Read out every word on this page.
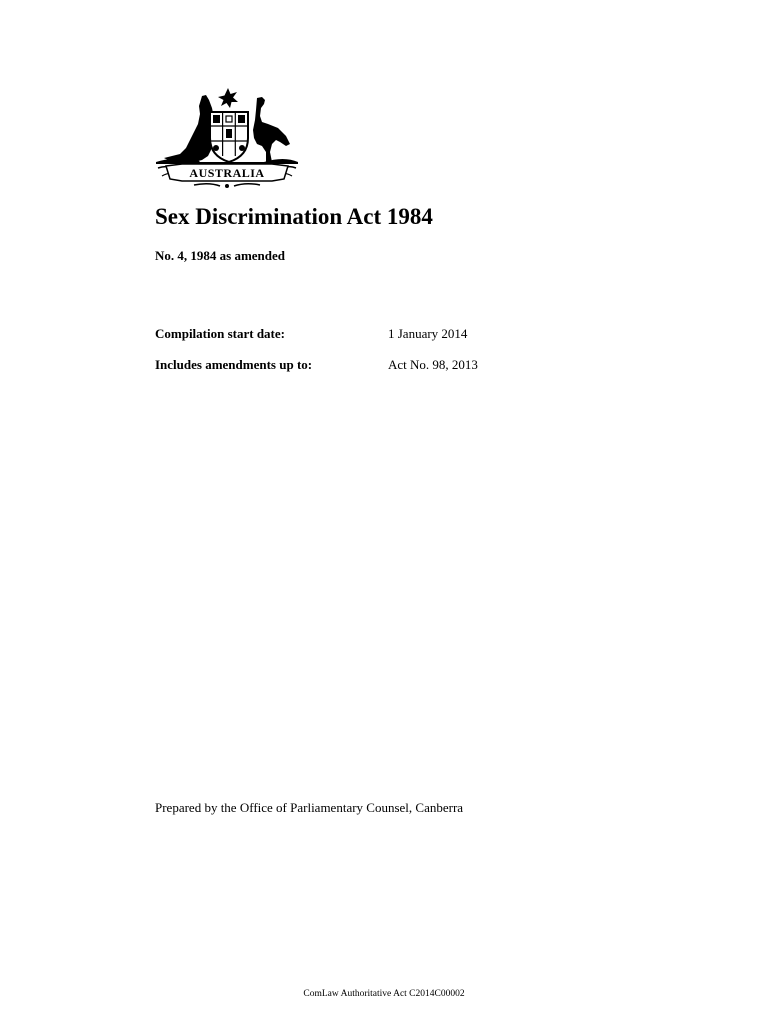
AUSTRALIA
Sex Discrimination Act 1984
No. 4, 1984 as amended
Compilation start date:	1 January 2014
Includes amendments up to:	Act No. 98, 2013
Prepared by the Office of Parliamentary Counsel, Canberra
ComLaw Authoritative Act C2014C00002
